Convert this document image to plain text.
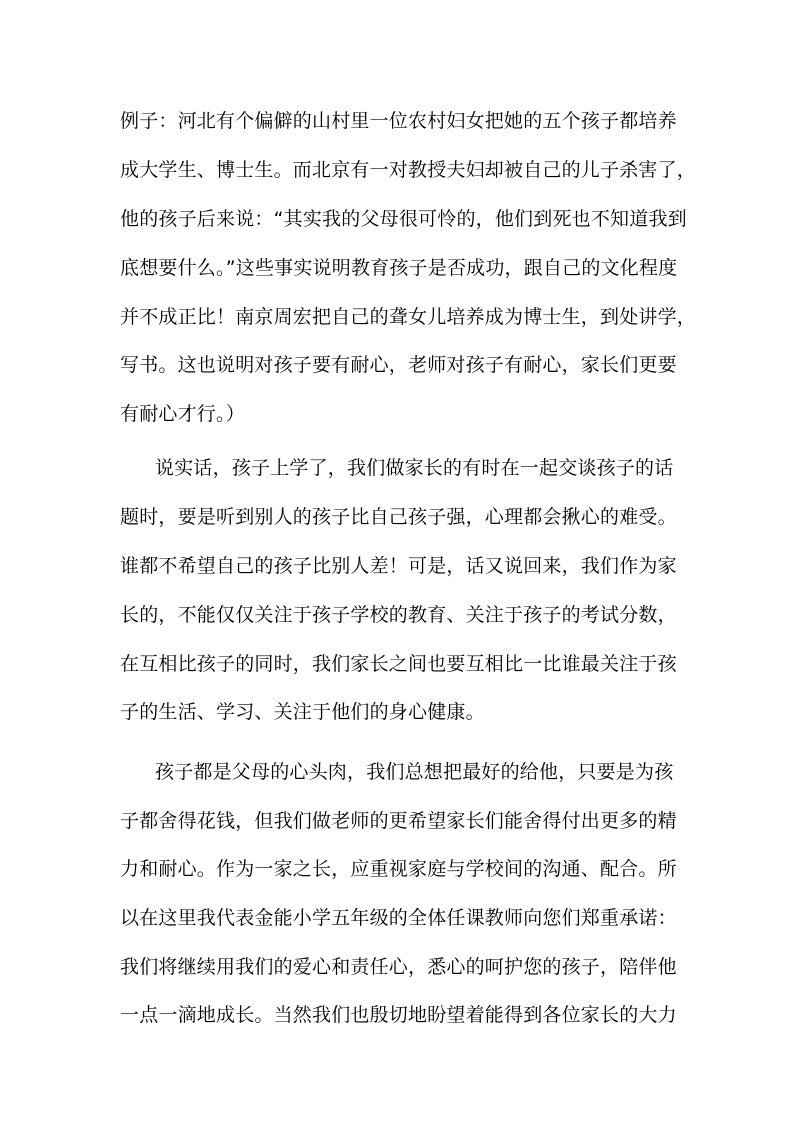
例子：河北有个偏僻的山村里一位农村妇女把她的五个孩子都培养
成大学生、博士生。而北京有一对教授夫妇却被自己的儿子杀害了，
他的孩子后来说：“其实我的父母很可怜的，他们到死也不知道我到
底想要什么。”这些事实说明教育孩子是否成功，跟自己的文化程度
并不成正比！南京周宏把自己的聋女儿培养成为博士生，到处讲学，
写书。这也说明对孩子要有耐心，老师对孩子有耐心，家长们更要
有耐心才行。）
说实话，孩子上学了，我们做家长的有时在一起交谈孩子的话
题时，要是听到别人的孩子比自己孩子强，心理都会揪心的难受。
谁都不希望自己的孩子比别人差！可是，话又说回来，我们作为家
长的，不能仅仅关注于孩子学校的教育、关注于孩子的考试分数，
在互相比孩子的同时，我们家长之间也要互相比一比谁最关注于孩
子的生活、学习、关注于他们的身心健康。
孩子都是父母的心头肉，我们总想把最好的给他，只要是为孩
子都舍得花钱，但我们做老师的更希望家长们能舍得付出更多的精
力和耐心。作为一家之长，应重视家庭与学校间的沟通、配合。所
以在这里我代表金能小学五年级的全体任课教师向您们郑重承诺：
我们将继续用我们的爱心和责任心，悉心的呵护您的孩子，陪伴他
一点一滴地成长。当然我们也殷切地盼望着能得到各位家长的大力
